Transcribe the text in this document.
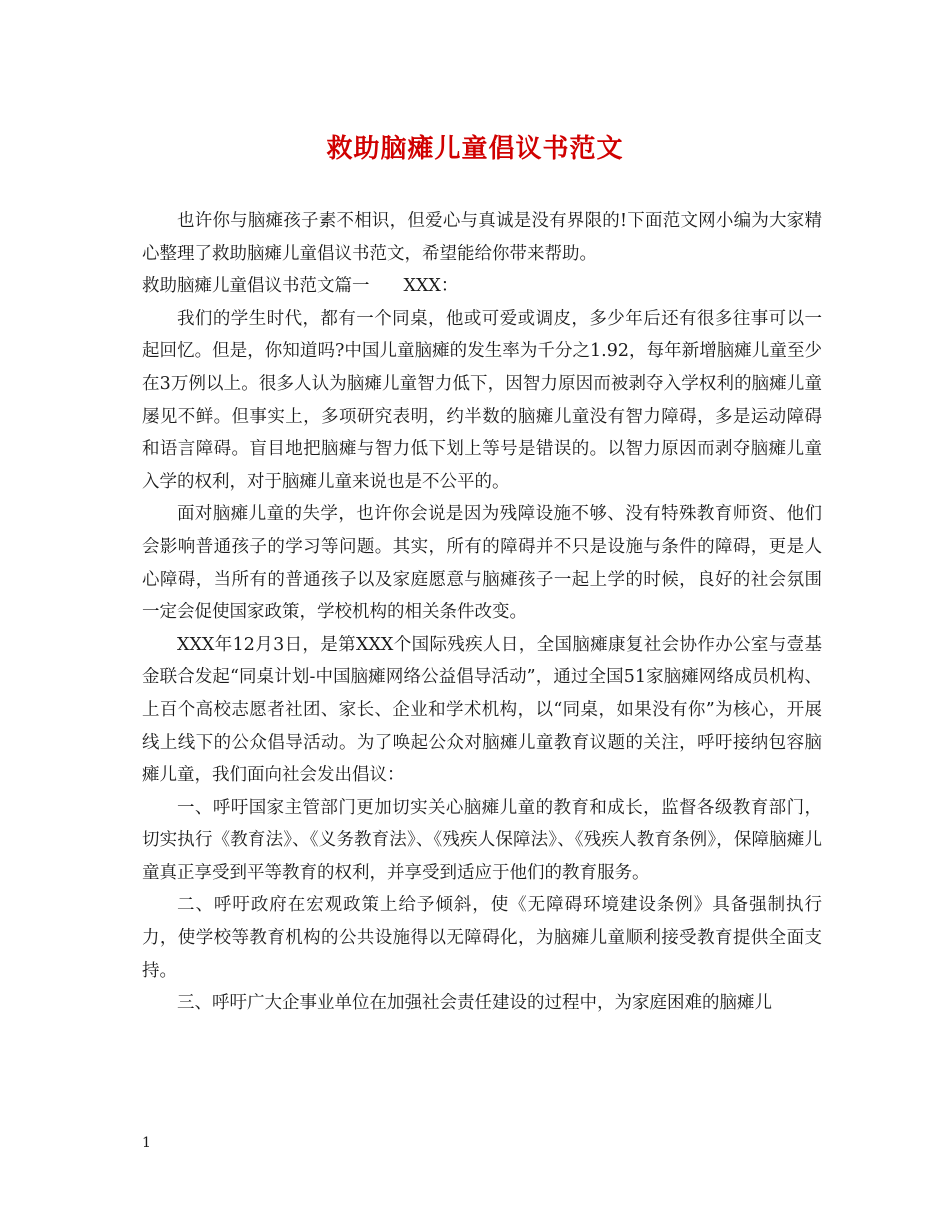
救助脑瘫儿童倡议书范文

也许你与脑瘫孩子素不相识，但爱心与真诚是没有界限的!下面范文网小编为大家精心整理了救助脑瘫儿童倡议书范文，希望能给你带来帮助。

救助脑瘫儿童倡议书范文篇一 XXX：

我们的学生时代，都有一个同桌，他或可爱或调皮，多少年后还有很多往事可以一起回忆。但是，你知道吗?中国儿童脑瘫的发生率为千分之1.92，每年新增脑瘫儿童至少在3万例以上。很多人认为脑瘫儿童智力低下，因智力原因而被剥夺入学权利的脑瘫儿童屡见不鲜。但事实上，多项研究表明，约半数的脑瘫儿童没有智力障碍，多是运动障碍和语言障碍。盲目地把脑瘫与智力低下划上等号是错误的。以智力原因而剥夺脑瘫儿童入学的权利，对于脑瘫儿童来说也是不公平的。

面对脑瘫儿童的失学，也许你会说是因为残障设施不够、没有特殊教育师资、他们会影响普通孩子的学习等问题。其实，所有的障碍并不只是设施与条件的障碍，更是人心障碍，当所有的普通孩子以及家庭愿意与脑瘫孩子一起上学的时候，良好的社会氛围一定会促使国家政策，学校机构的相关条件改变。

XXX年12月3日，是第XXX个国际残疾人日，全国脑瘫康复社会协作办公室与壹基金联合发起“同桌计划-中国脑瘫网络公益倡导活动”，通过全国51家脑瘫网络成员机构、上百个高校志愿者社团、家长、企业和学术机构，以“同桌，如果没有你”为核心，开展线上线下的公众倡导活动。为了唤起公众对脑瘫儿童教育议题的关注，呼吁接纳包容脑瘫儿童，我们面向社会发出倡议：

一、呼吁国家主管部门更加切实关心脑瘫儿童的教育和成长，监督各级教育部门，切实执行《教育法》、《义务教育法》、《残疾人保障法》、《残疾人教育条例》，保障脑瘫儿童真正享受到平等教育的权利，并享受到适应于他们的教育服务。

二、呼吁政府在宏观政策上给予倾斜，使《无障碍环境建设条例》具备强制执行力，使学校等教育机构的公共设施得以无障碍化，为脑瘫儿童顺利接受教育提供全面支持。

三、呼吁广大企事业单位在加强社会责任建设的过程中，为家庭困难的脑瘫儿

1
